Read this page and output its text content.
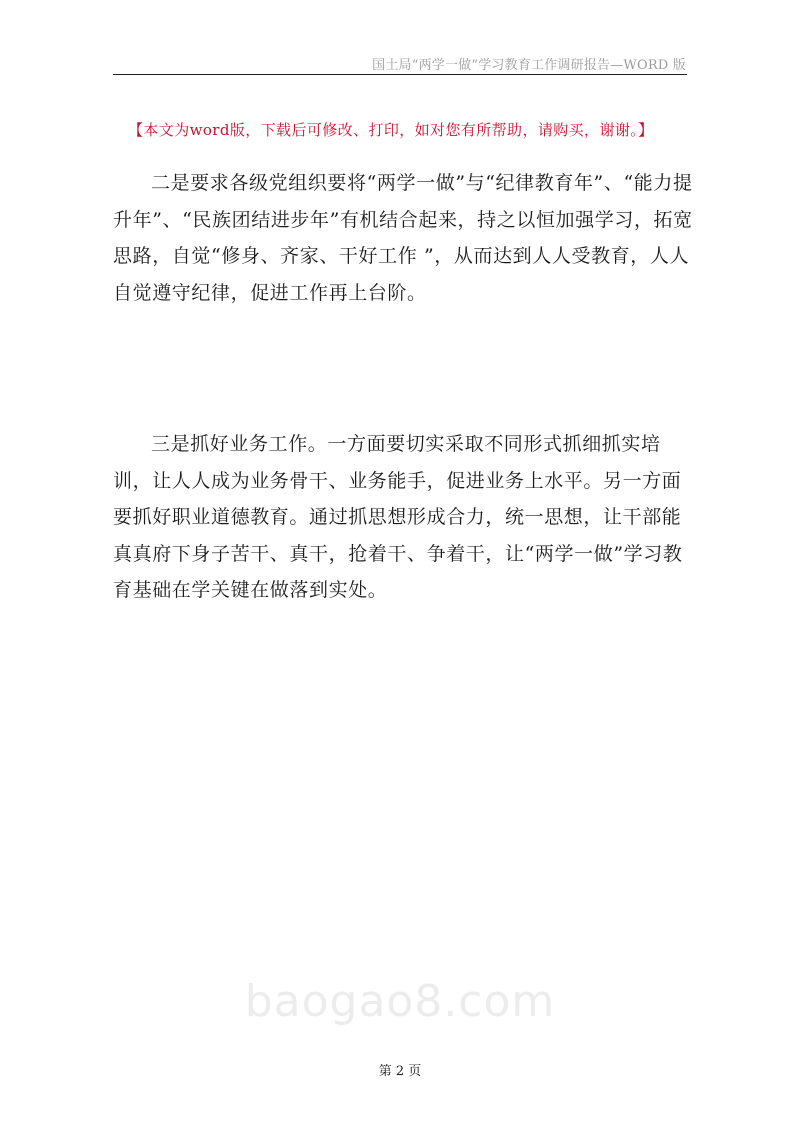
国土局“两学一做”学习教育工作调研报告—WORD 版
【本文为word版，下载后可修改、打印，如对您有所帮助，请购买，谢谢。】

二是要求各级党组织要将“两学一做”与“纪律教育年”、“能力提升年”、“民族团结进步年”有机结合起来，持之以恒加强学习，拓宽思路，自觉“修身、齐家、干好工作 ”，从而达到人人受教育，人人自觉遵守纪律，促进工作再上台阶。

三是抓好业务工作。一方面要切实采取不同形式抓细抓实培训，让人人成为业务骨干、业务能手，促进业务上水平。另一方面要抓好职业道德教育。通过抓思想形成合力，统一思想，让干部能真真府下身子苦干、真干，抢着干、争着干，让“两学一做”学习教育基础在学关键在做落到实处。

baogao8.com
第 2 页
